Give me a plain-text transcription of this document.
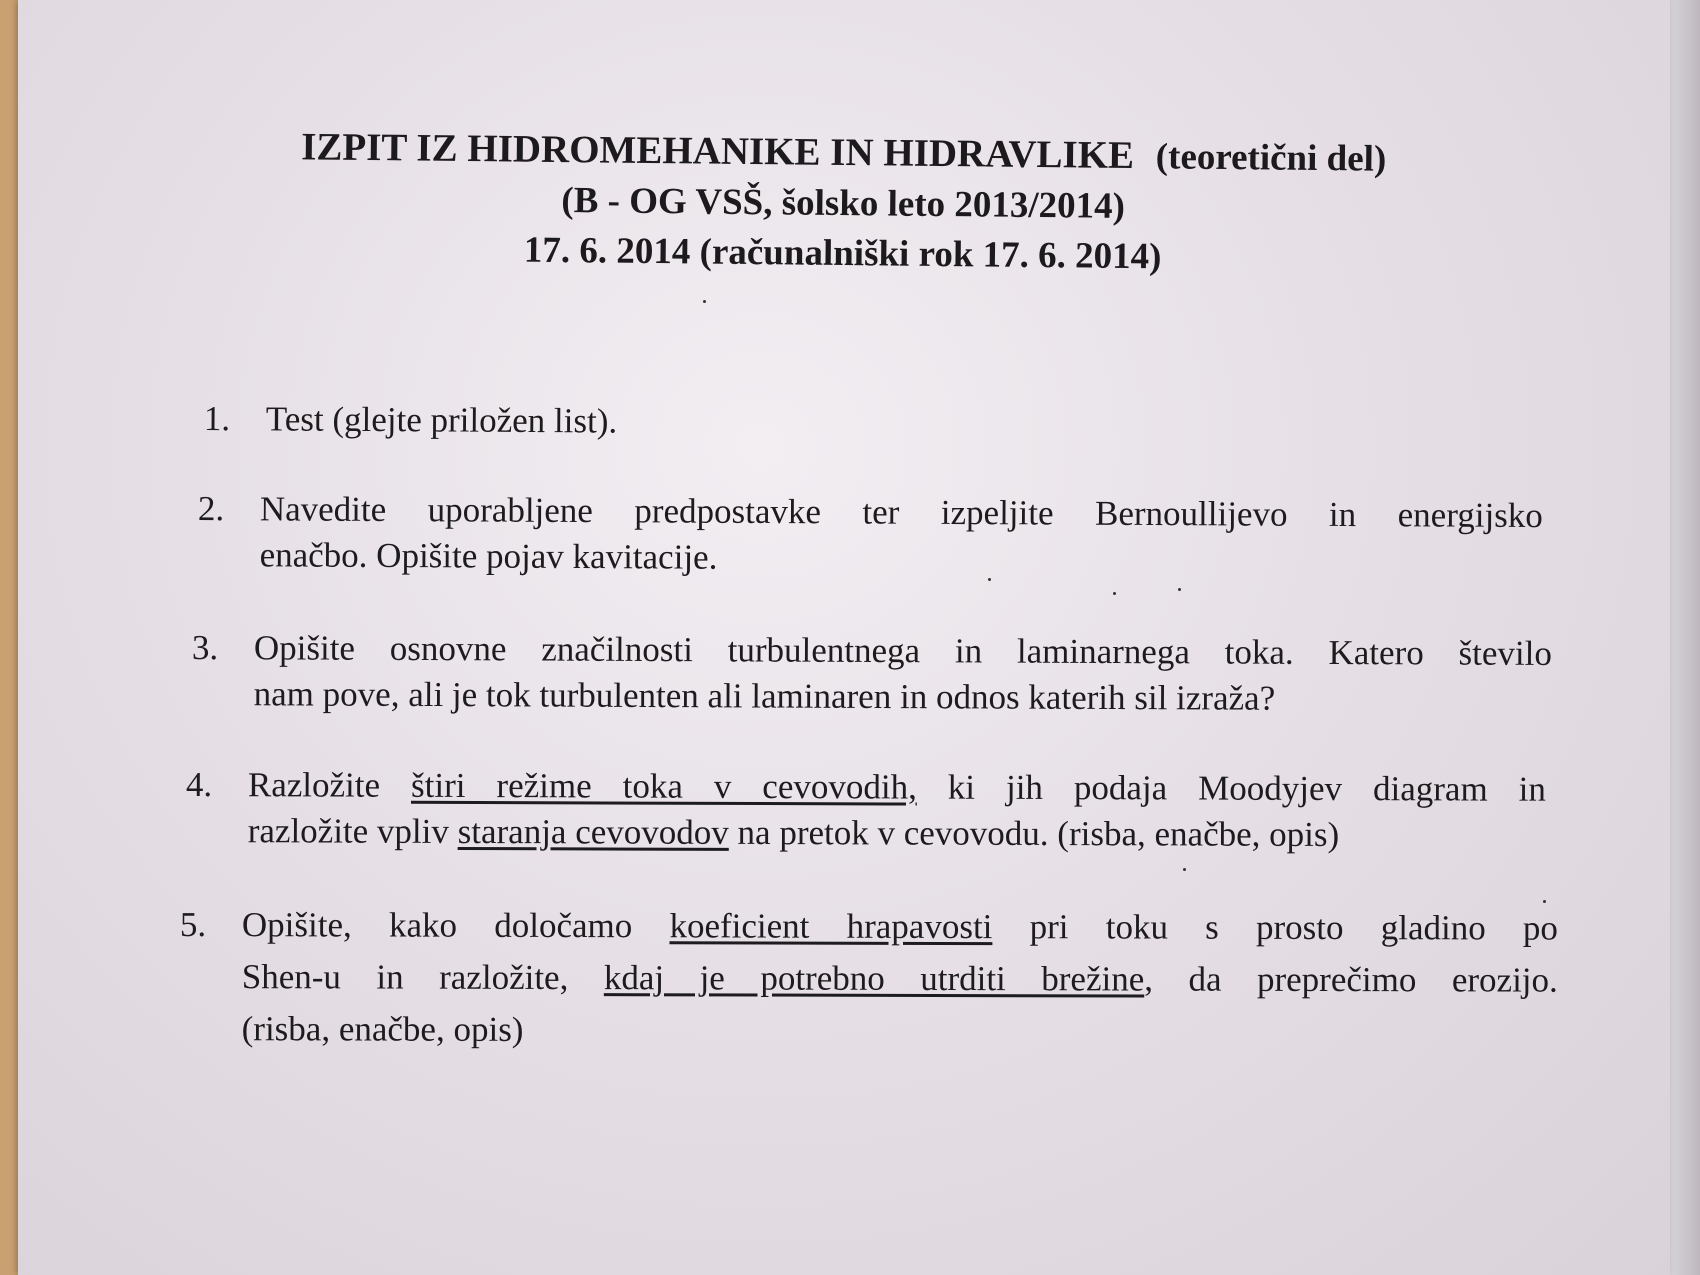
IZPIT IZ HIDROMEHANIKE IN HIDRAVLIKE (teoretični del)
(B - OG VSŠ, šolsko leto 2013/2014)
17. 6. 2014 (računalniški rok 17. 6. 2014)
1.	Test (glejte priložen list).
2.	Navedite uporabljene predpostavke ter izpeljite Bernoullijevo in energijsko
enačbo. Opišite pojav kavitacije.
3.	Opišite osnovne značilnosti turbulentnega in laminarnega toka. Katero število
nam pove, ali je tok turbulenten ali laminaren in odnos katerih sil izraža?
4.	Razložite štiri režime toka v cevovodih, ki jih podaja Moodyjev diagram in
razložite vpliv staranja cevovodov na pretok v cevovodu. (risba, enačbe, opis)
5.	Opišite, kako določamo koeficient hrapavosti pri toku s prosto gladino po
Shen-u in razložite, kdaj je potrebno utrditi brežine, da preprečimo erozijo.
(risba, enačbe, opis)
